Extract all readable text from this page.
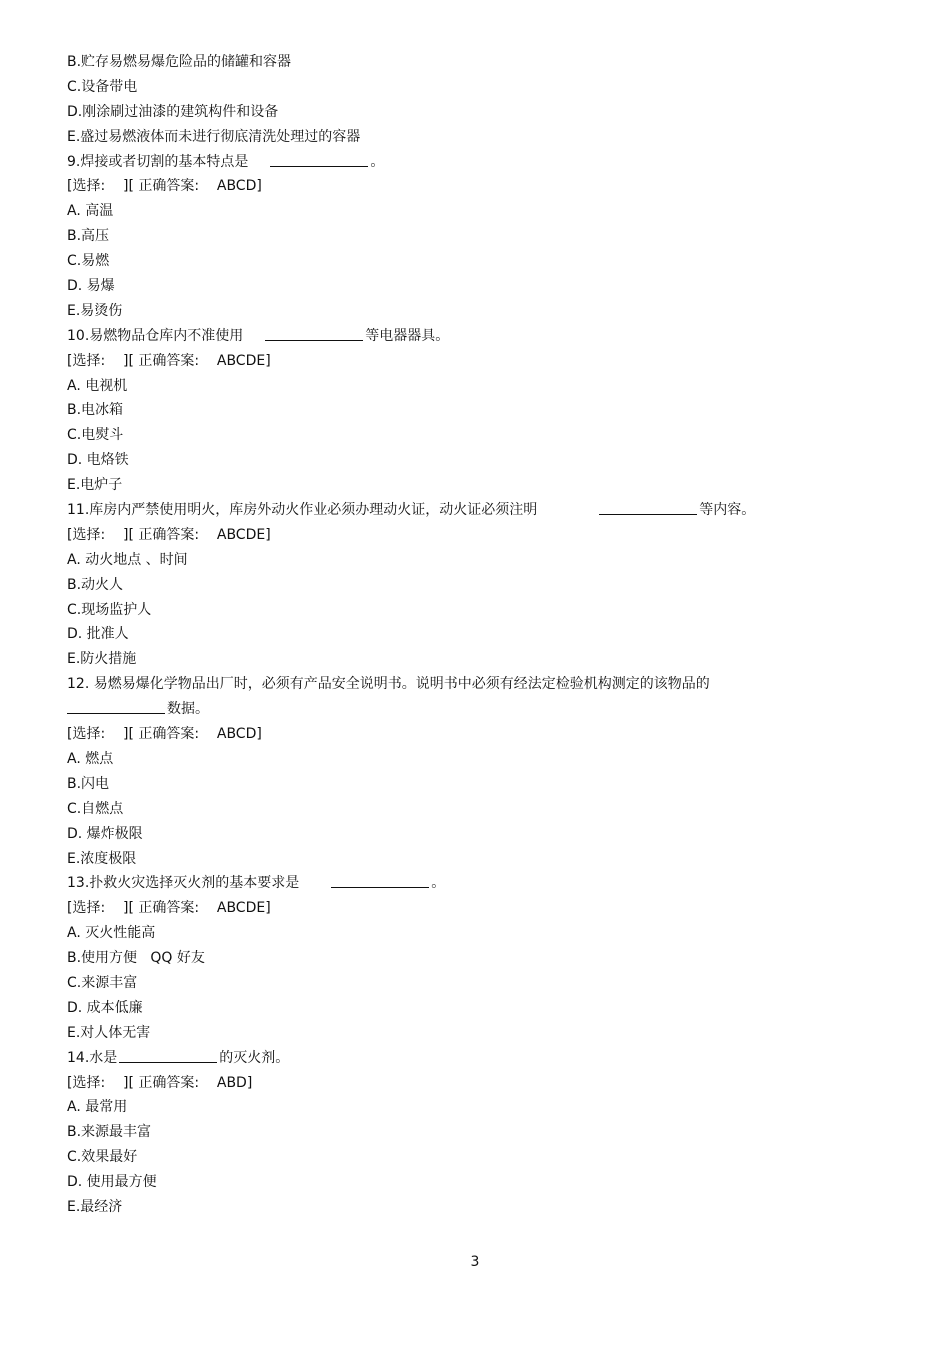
B.贮存易燃易爆危险品的储罐和容器
C.设备带电
D.刚涂刷过油漆的建筑构件和设备
E.盛过易燃液体而未进行彻底清洗处理过的容器
9.焊接或者切割的基本特点是	。
[选择:    ][ 正确答案:    ABCD]
A. 高温
B.高压
C.易燃
D. 易爆
E.易烫伤
10.易燃物品仓库内不准使用	等电器器具。
[选择:    ][ 正确答案:    ABCDE]
A. 电视机
B.电冰箱
C.电熨斗
D. 电烙铁
E.电炉子
11.库房内严禁使用明火，库房外动火作业必须办理动火证，动火证必须注明	等内容。
[选择:    ][ 正确答案:    ABCDE]
A. 动火地点 、时间
B.动火人
C.现场监护人
D. 批准人
E.防火措施
12. 易燃易爆化学物品出厂时，必须有产品安全说明书。说明书中必须有经法定检验机构测定的该物品的
数据。
[选择:    ][ 正确答案:    ABCD]
A. 燃点
B.闪电
C.自燃点
D. 爆炸极限
E.浓度极限
13.扑救火灾选择灭火剂的基本要求是	。
[选择:    ][ 正确答案:    ABCDE]
A. 灭火性能高
B.使用方便   QQ 好友
C.来源丰富
D. 成本低廉
E.对人体无害
14.水是	的灭火剂。
[选择:    ][ 正确答案:    ABD]
A. 最常用
B.来源最丰富
C.效果最好
D. 使用最方便
E.最经济
3
